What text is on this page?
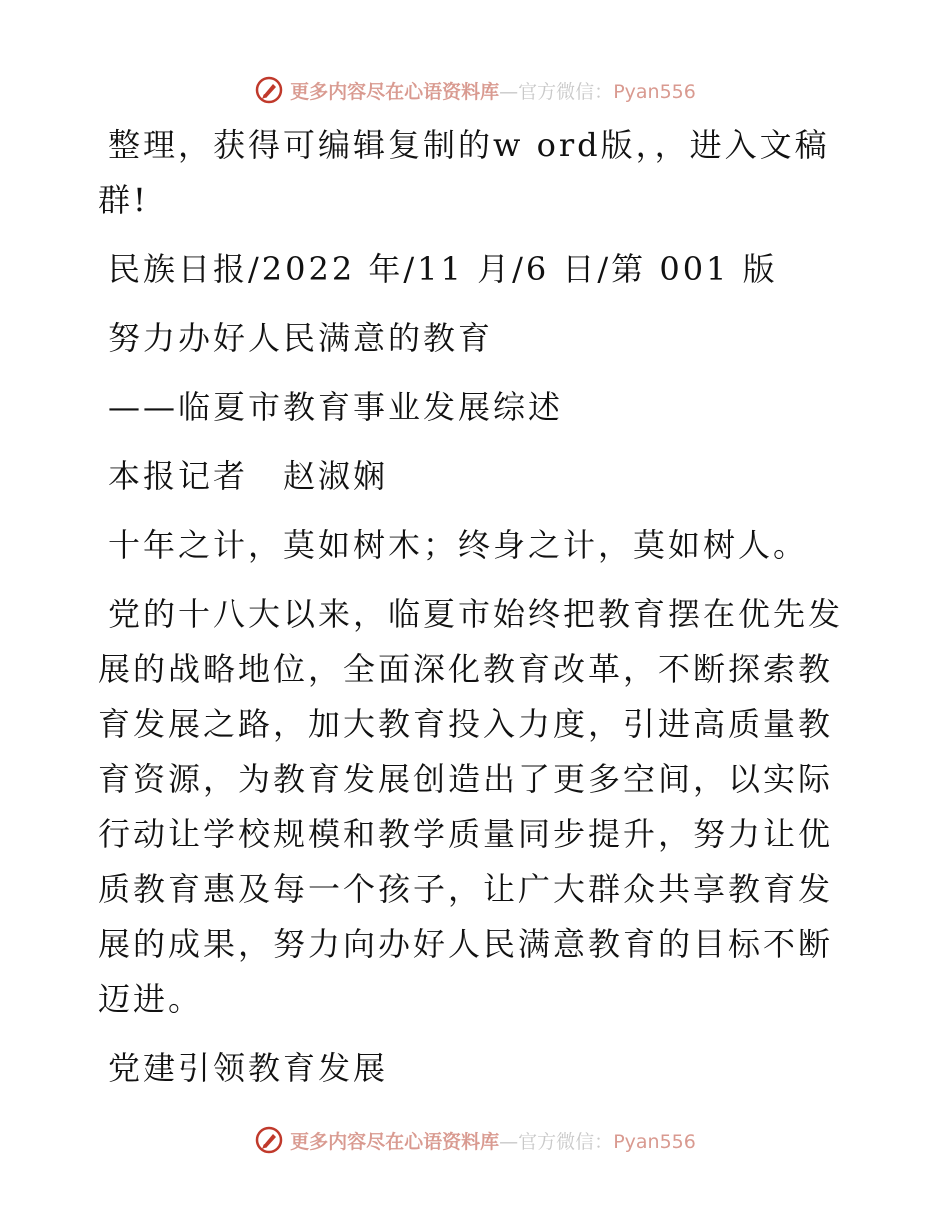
更多内容尽在心语资料库—官方微信：Pyan556

整理，获得可编辑复制的w ord版，，进入文稿群!

民族日报/2022 年/11 月/6 日/第 001 版

努力办好人民满意的教育

——临夏市教育事业发展综述

本报记者　赵淑娴

十年之计，莫如树木；终身之计，莫如树人。

党的十八大以来，临夏市始终把教育摆在优先发展的战略地位，全面深化教育改革，不断探索教育发展之路，加大教育投入力度，引进高质量教育资源，为教育发展创造出了更多空间，以实际行动让学校规模和教学质量同步提升，努力让优质教育惠及每一个孩子，让广大群众共享教育发展的成果，努力向办好人民满意教育的目标不断迈进。

党建引领教育发展

更多内容尽在心语资料库—官方微信：Pyan556
